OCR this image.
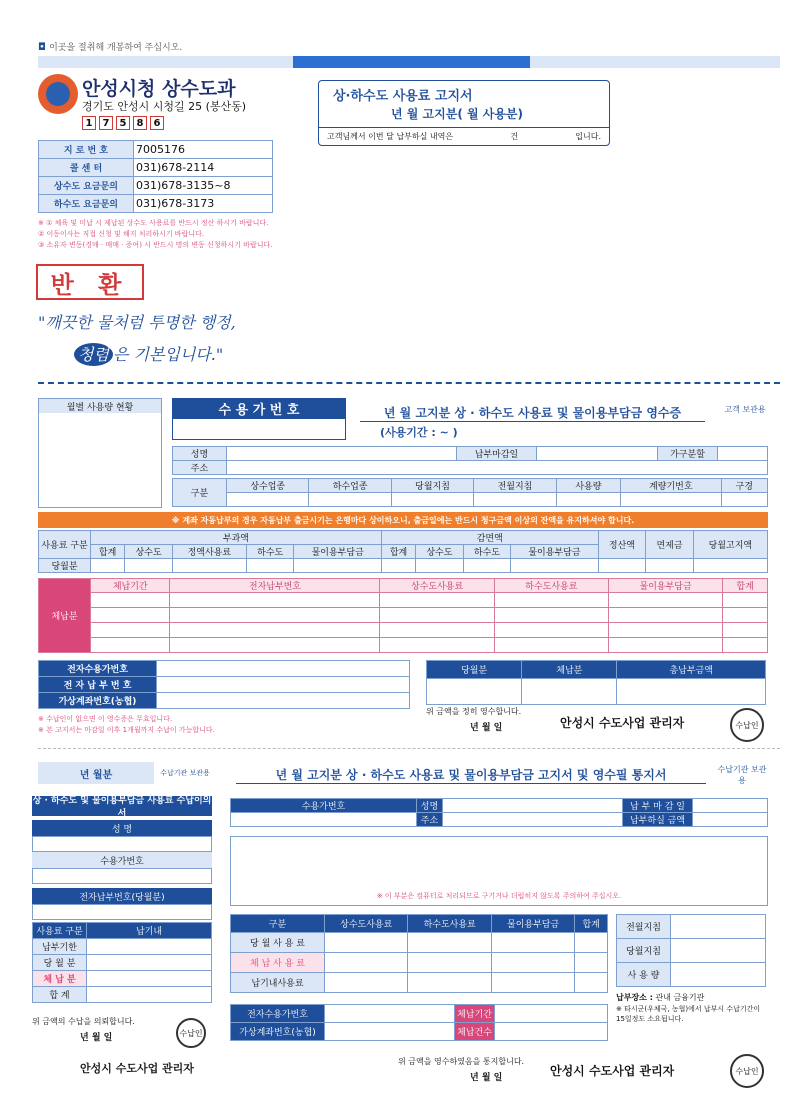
◘ 이곳을 절취해 개봉하여 주십시오.
안성시청 상수도과
경기도 안성시 시청길 25 (봉산동)
1	7	5	8	6
지 로 번 호	7005176
콜 센 터	031)678-2114
상수도 요금문의	031)678-3135~8
하수도 요금문의	031)678-3173
※ ① 체육 및 미납 시 제납된 상수도 사용료를 반드시 정산 하시기 바랍니다.
② 이동이사는 직접 신청 및 해지 처리하시기 바랍니다.
③ 소유자 변동(경매 · 매매 · 증여) 시 반드시 명의 변동 신청하시기 바랍니다.
반 환
"깨끗한 물처럼 투명한 행정,
청렴 은 기본입니다."
상·하수도 사용료 고지서
년 월 고지분( 월 사용분)
고객님께서 이번 달 납부하실 내역은	건	입니다.
월별 사용량 현황	수 용 가 번 호	년 월 고지분 상 · 하수도 사용료 및 물이용부담금 영수증
(사용기간 : ~ )
고객 보관용
성명		납부마감일		가구분할	
주소					
구분	상수업종	하수업종	당월지침	전월지침	사용량	계량기번호	구경

※ 계좌 자동납부의 경우 자동납부 출금시기는 은행마다 상이하오니, 출금일에는 반드시 청구금액 이상의 잔액을 유지하셔야 합니다.
사용료 구분	부과액					감면액				정산액	면제금	당월고지액
	합계	상수도	정액사용료	하수도	물이용부담금	합계	상수도	하수도	물이용부담금			
당월분												
체납분	체납기간	전자납부번호	상수도사용료	하수도사용료	물이용부담금	합계

전자수용가번호	
전 자 납 부 번 호	
가상계좌번호(농협)	
당월분	체납분	총납부금액

위 금액을 정히 영수합니다.
년 월 일	안성시 수도사업 관리자	수납인
※ 수납인이 없으면 이 영수증은 무효입니다.
※ 본 고지서는 마감일 이후 1개월까지 수납이 가능합니다.
년 월분	수납기관 보관용
상 · 하수도 및 물이용부담금 사용료 수납이의서
성 명
수용가번호
전자납부번호(당월분)
사용료 구분	납기내
납부기한	
당 월 분	
체 납 분	
합 계	
위 금액의 수납을 의뢰합니다.
년 월 일	수납인
안성시 수도사업 관리자
년 월 고지분 상 · 하수도 사용료 및 물이용부담금 고지서 및 영수필 통지서	수납기관 보관용
수용가번호	성명		납 부 마 감 일	
	주소		납부하실 금액	
※ 이 부분은 컴퓨터로 처리되므로 구기거나 더럽히지 않도록 주의하여 주십시오.
구분	상수도사용료	하수도사용료	물이용부담금	합계
당 월 사 용 료				
체 납 사 용 료				
납기내사용료				
전월지침	
당월지침	
사 용 량	
납부장소 : 관내 금융기관
※ 타시군(우체국, 농협)에서 납부시 수납기간이 15일정도 소요됩니다.
전자수용가번호		체납기간	
가상계좌번호(농협)		체납건수	
위 금액을 영수하였음을 통지합니다.
년 월 일	안성시 수도사업 관리자	수납인
